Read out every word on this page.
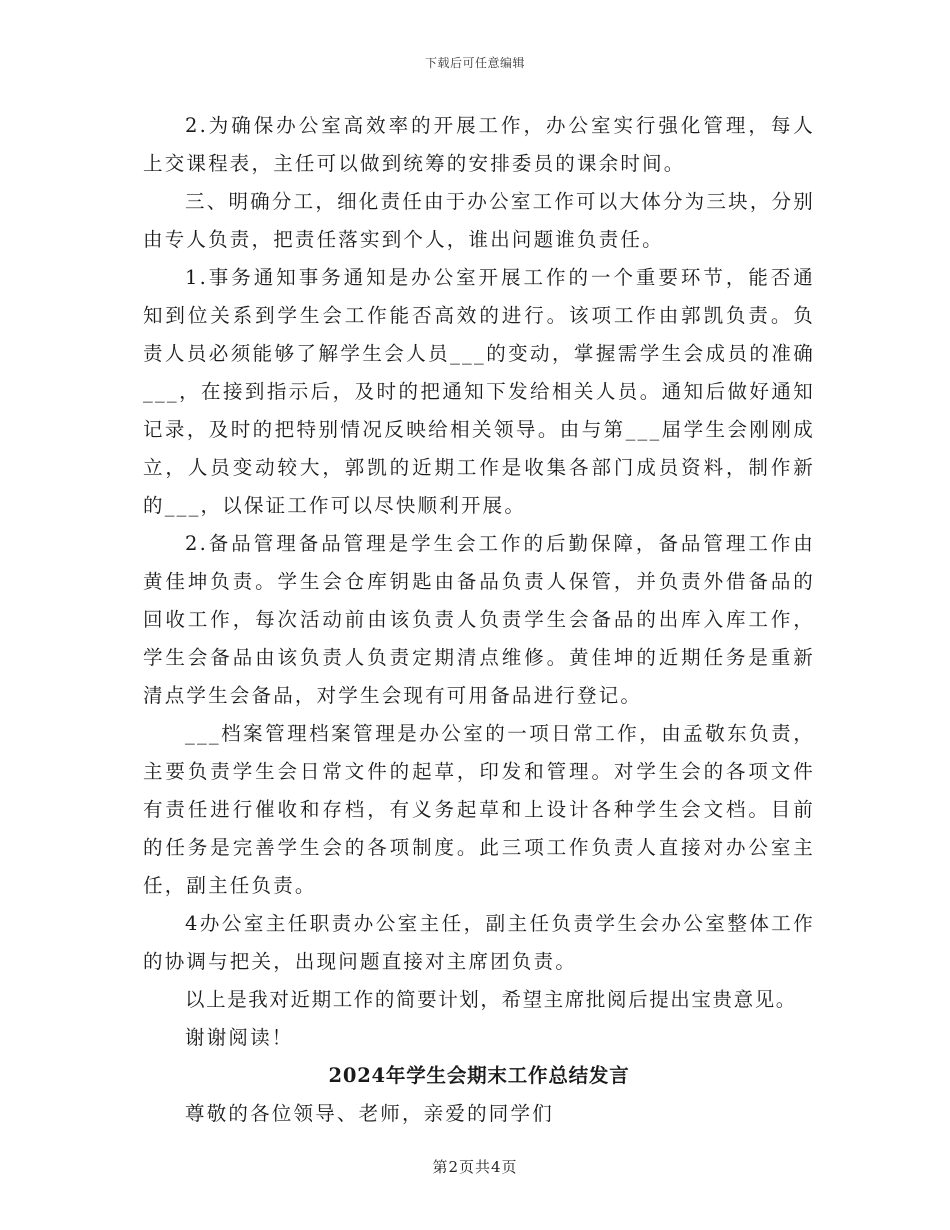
下载后可任意编辑

2.为确保办公室高效率的开展工作，办公室实行强化管理，每人上交课程表，主任可以做到统筹的安排委员的课余时间。

三、明确分工，细化责任由于办公室工作可以大体分为三块，分别由专人负责，把责任落实到个人，谁出问题谁负责任。

1.事务通知事务通知是办公室开展工作的一个重要环节，能否通知到位关系到学生会工作能否高效的进行。该项工作由郭凯负责。负责人员必须能够了解学生会人员___的变动，掌握需学生会成员的准确___，在接到指示后，及时的把通知下发给相关人员。通知后做好通知记录，及时的把特别情况反映给相关领导。由与第___届学生会刚刚成立，人员变动较大，郭凯的近期工作是收集各部门成员资料，制作新的___，以保证工作可以尽快顺利开展。

2.备品管理备品管理是学生会工作的后勤保障，备品管理工作由黄佳坤负责。学生会仓库钥匙由备品负责人保管，并负责外借备品的回收工作，每次活动前由该负责人负责学生会备品的出库入库工作，学生会备品由该负责人负责定期清点维修。黄佳坤的近期任务是重新清点学生会备品，对学生会现有可用备品进行登记。

___档案管理档案管理是办公室的一项日常工作，由孟敬东负责，主要负责学生会日常文件的起草，印发和管理。对学生会的各项文件有责任进行催收和存档，有义务起草和上设计各种学生会文档。目前的任务是完善学生会的各项制度。此三项工作负责人直接对办公室主任，副主任负责。

4办公室主任职责办公室主任，副主任负责学生会办公室整体工作的协调与把关，出现问题直接对主席团负责。

以上是我对近期工作的简要计划，希望主席批阅后提出宝贵意见。

谢谢阅读！

2024年学生会期末工作总结发言

尊敬的各位领导、老师，亲爱的同学们

第2页共4页
